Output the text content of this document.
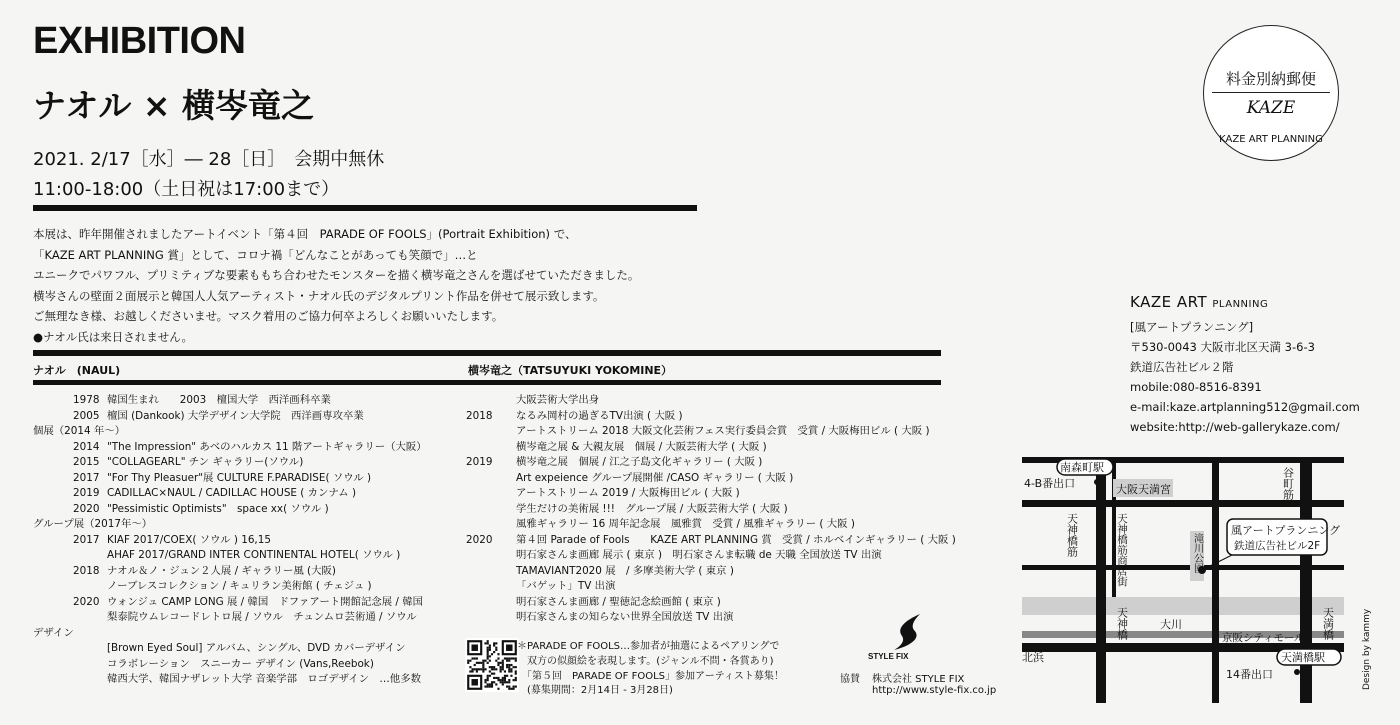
EXHIBITION
ナオル × 横岑竜之
2021. 2/17［水］― 28［日］　会期中無休
11:00-18:00（土日祝は17:00まで）
本展は、昨年開催されましたアートイベント「第４回　PARADE OF FOOLS」(Portrait Exhibition) で、
「KAZE ART PLANNING 賞」として、コロナ禍「どんなことがあっても笑顔で」…と
ユニークでパワフル、プリミティブな要素ももち合わせたモンスターを描く横岑竜之さんを選ばせていただきました。
横岑さんの壁面２面展示と韓国人人気アーティスト・ナオル氏のデジタルプリント作品を併せて展示致します。
ご無理なき様、お越しくださいませ。マスク着用のご協力何卒よろしくお願いいたします。
●ナオル氏は来日されません。
ナオル　(NAUL)	横岑竜之（TATSUYUKI YOKOMINE）
1978 韓国生まれ　　2003　檀国大学　西洋画科卒業
2005 檀国 (Dankook) 大学デザイン大学院　西洋画専攻卒業
個展（2014 年～）
2014 "The Impression" あべのハルカス 11 階アートギャラリー（大阪）
2015 "COLLAGEARL" チン ギャラリー(ソウル)
2017 "For Thy Pleasuer"展 CULTURE F.PARADISE( ソウル )
2019 CADILLAC×NAUL / CADILLAC HOUSE ( カンナム )
2020 "Pessimistic Optimists"　space xx( ソウル )
グループ展（2017年～）
2017 KIAF 2017/COEX( ソウル ) 16,15
AHAF 2017/GRAND INTER CONTINENTAL HOTEL( ソウル )
2018 ナオル＆ノ・ジュン２人展 / ギャラリー風 (大阪)
ノーブレスコレクション / キュリラン美術館 ( チェジュ )
2020 ウォンジュ CAMP LONG 展 / 韓国　ドファアート開館記念展 / 韓国
梨泰院ウムレコードレトロ展 / ソウル　チュンムロ芸術通 / ソウル
デザイン
[Brown Eyed Soul] アルバム、シングル、DVD カバーデザイン
コラボレーション　スニーカー デザイン (Vans,Reebok)
韓西大学、韓国ナザレット大学 音楽学部　ロゴデザイン　…他多数
大阪芸術大学出身
2018 なるみ岡村の過ぎるTV出演 ( 大阪 )
アートストリーム 2018 大阪文化芸術フェス実行委員会賞　受賞 / 大阪梅田ビル ( 大阪 )
横岑竜之展 & 大親友展　個展 / 大阪芸術大学 ( 大阪 )
2019 横岑竜之展　個展 / 江之子島文化ギャラリー ( 大阪 )
Art expeience グループ展開催 /CASO ギャラリー ( 大阪 )
アートストリーム 2019 / 大阪梅田ビル ( 大阪 )
学生だけの美術展 !!!　グループ展 / 大阪芸術大学 ( 大阪 )
風雅ギャラリー 16 周年記念展　風雅賞　受賞 / 風雅ギャラリー ( 大阪 )
2020 第４回 Parade of Fools　　KAZE ART PLANNING 賞　受賞 / ホルベインギャラリー ( 大阪 )
明石家さんま画廊 展示 ( 東京 )　明石家さんま転職 de 天職 全国放送 TV 出演
TAMAVIANT2020 展　/ 多摩美術大学 ( 東京 )
「バゲット」TV 出演
明石家さんま画廊 / 聖徳記念絵画館 ( 東京 )
明石家さんまの知らない世界全国放送 TV 出演
＊PARADE OF FOOLS…参加者が抽選によるペアリングで
　双方の似顔絵を表現します。(ジャンル不問・各賞あり)
　「第５回　PARADE OF FOOLS」参加アーティスト募集！
　(募集期間：2月14日 - 3月28日)
STYLE FIX
協賛 株式会社 STYLE FIX
http://www.style-fix.co.jp
料金別納郵便
KAZE
KAZE ART PLANNING
KAZE ART PLANNING
[風アートプランニング]
〒530-0043 大阪市北区天満 3-6-3
鉄道広告社ビル２階
mobile:080-8516-8391
e-mail:kaze.artplanning512@gmail.com
website:http://web-gallerykaze.com/
南森町駅
天満橋駅
4-B番出口
14番出口
大阪天満宮
京阪シティモール
大川
北浜
風アートプランニング
鉄道広告社ビル2F
天神橋筋	天神橋筋商店街
谷町筋
滝川公園
天神橋	天満橋	Design by kammy
